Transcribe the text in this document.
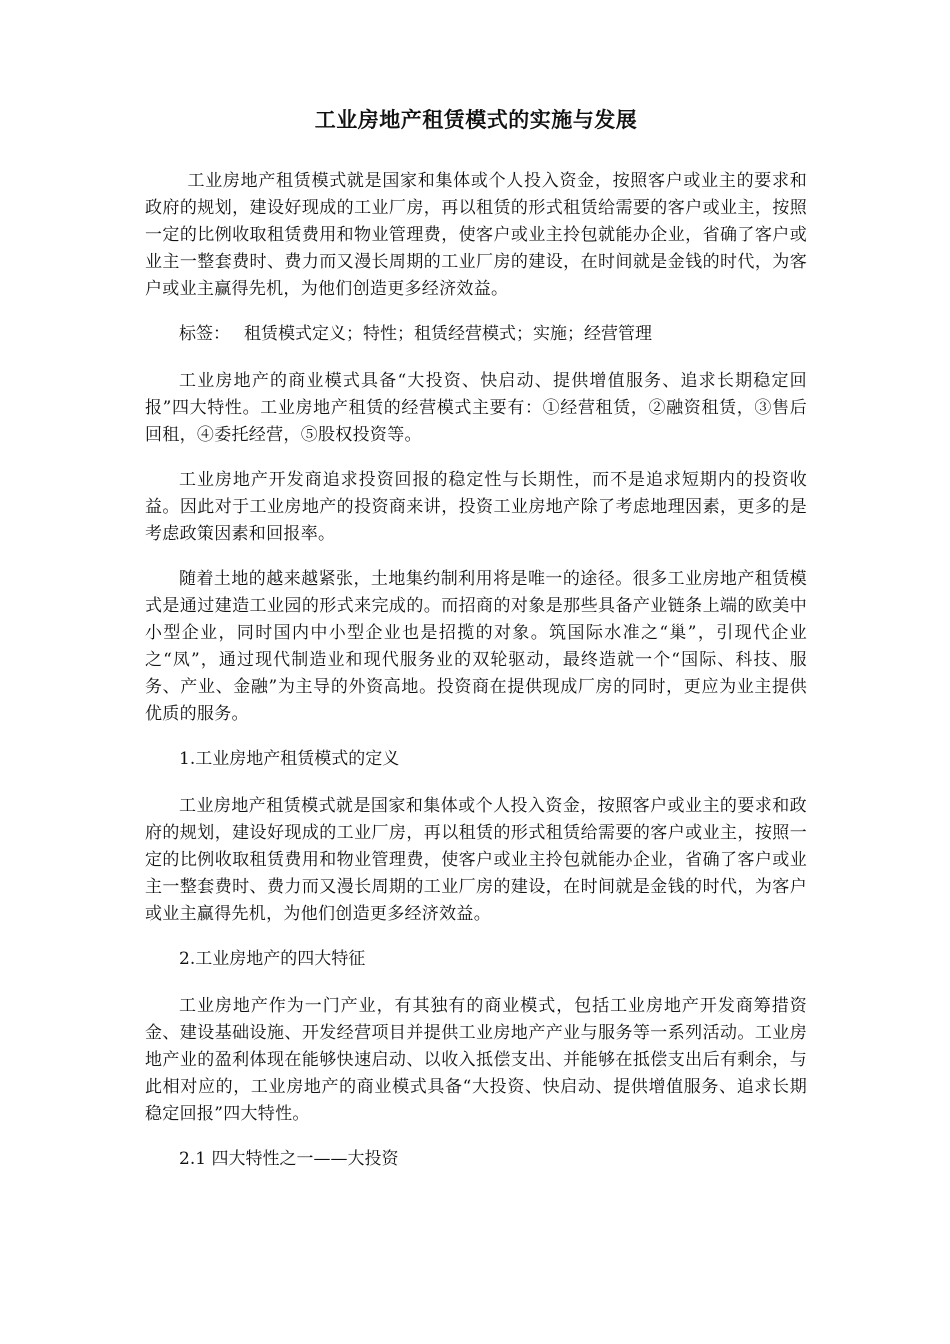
工业房地产租赁模式的实施与发展

工业房地产租赁模式就是国家和集体或个人投入资金，按照客户或业主的要求和政府的规划，建设好现成的工业厂房，再以租赁的形式租赁给需要的客户或业主，按照一定的比例收取租赁费用和物业管理费，使客户或业主拎包就能办企业，省确了客户或业主一整套费时、费力而又漫长周期的工业厂房的建设，在时间就是金钱的时代，为客户或业主赢得先机，为他们创造更多经济效益。

标签： 租赁模式定义；特性；租赁经营模式；实施；经营管理

工业房地产的商业模式具备“大投资、快启动、提供增值服务、追求长期稳定回报”四大特性。工业房地产租赁的经营模式主要有：①经营租赁，②融资租赁，③售后回租，④委托经营，⑤股权投资等。

工业房地产开发商追求投资回报的稳定性与长期性，而不是追求短期内的投资收益。因此对于工业房地产的投资商来讲，投资工业房地产除了考虑地理因素，更多的是考虑政策因素和回报率。

随着土地的越来越紧张，土地集约制利用将是唯一的途径。很多工业房地产租赁模式是通过建造工业园的形式来完成的。而招商的对象是那些具备产业链条上端的欧美中小型企业，同时国内中小型企业也是招揽的对象。筑国际水准之“巢”，引现代企业之“凤”，通过现代制造业和现代服务业的双轮驱动，最终造就一个“国际、科技、服务、产业、金融”为主导的外资高地。投资商在提供现成厂房的同时，更应为业主提供优质的服务。

1.工业房地产租赁模式的定义

工业房地产租赁模式就是国家和集体或个人投入资金，按照客户或业主的要求和政府的规划，建设好现成的工业厂房，再以租赁的形式租赁给需要的客户或业主，按照一定的比例收取租赁费用和物业管理费，使客户或业主拎包就能办企业，省确了客户或业主一整套费时、费力而又漫长周期的工业厂房的建设，在时间就是金钱的时代，为客户或业主赢得先机，为他们创造更多经济效益。

2.工业房地产的四大特征

工业房地产作为一门产业，有其独有的商业模式，包括工业房地产开发商筹措资金、建设基础设施、开发经营项目并提供工业房地产产业与服务等一系列活动。工业房地产业的盈利体现在能够快速启动、以收入抵偿支出、并能够在抵偿支出后有剩余，与此相对应的，工业房地产的商业模式具备“大投资、快启动、提供增值服务、追求长期稳定回报”四大特性。

2.1 四大特性之一——大投资
